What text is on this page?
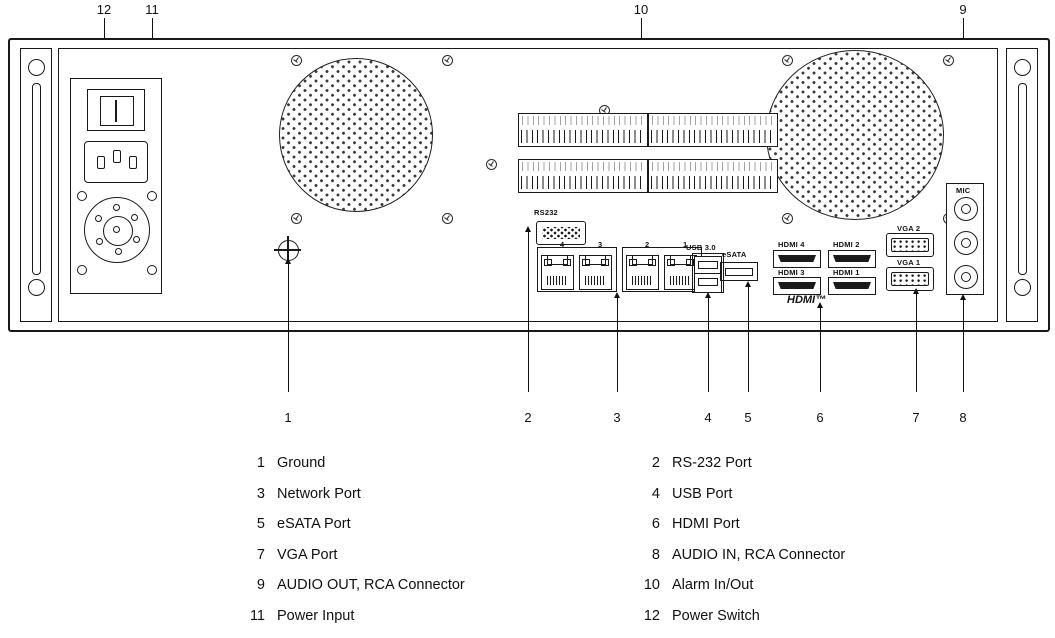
12	11	10	9
RS232
4	3	2	1
USB 3.0
eSATA
HDMI 4	HDMI 2
HDMI 3	HDMI 1
HDMI™
VGA 2
VGA 1
MIC
1	2	3	4	5	6	7	8
1 Ground	2 RS-232 Port
3 Network Port	4 USB Port
5 eSATA Port	6 HDMI Port
7 VGA Port	8 AUDIO IN, RCA Connector
9 AUDIO OUT, RCA Connector	10 Alarm In/Out
11 Power Input	12 Power Switch
